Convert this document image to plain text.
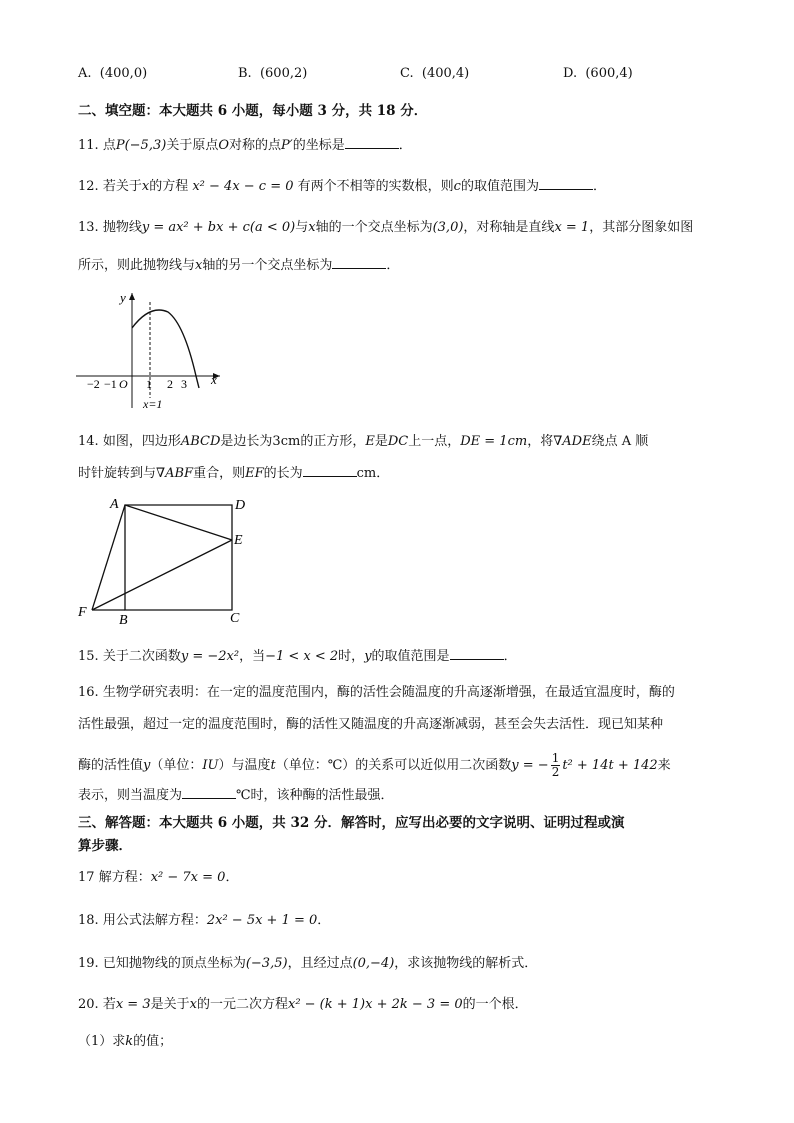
A. (400,0)	B. (600,2)	C. (400,4)	D. (600,4)
二、填空题：本大题共 6 小题，每小题 3 分，共 18 分．
11. 点P(−5,3)关于原点O对称的点P′的坐标是	．
12. 若关于x的方程 x² − 4x − c = 0 有两个不相等的实数根，则c的取值范围为	．
13. 抛物线y = ax² + bx + c(a < 0)与x轴的一个交点坐标为(3,0)，对称轴是直线x = 1，其部分图象如图
所示，则此抛物线与x轴的另一个交点坐标为	．
y
x
O
−2 −1 1 2 3
x=1
14. 如图，四边形ABCD是边长为3cm的正方形，E是DC上一点，DE = 1cm，将∇ADE绕点 A 顺
时针旋转到与∇ABF重合，则EF的长为	cm．
A	D
E
F
B	C
15. 关于二次函数y = −2x²，当−1 < x < 2时，y的取值范围是	．
16. 生物学研究表明：在一定的温度范围内，酶的活性会随温度的升高逐渐增强，在最适宜温度时，酶的
活性最强，超过一定的温度范围时，酶的活性又随温度的升高逐渐减弱，甚至会失去活性．现已知某种
酶的活性值y（单位：IU）与温度t（单位：℃）的关系可以近似用二次函数y = − $\frac{1}{2} t^2 + 14t + 142$来
表示，则当温度为	℃时，该种酶的活性最强．
三、解答题：本大题共 6 小题，共 32 分．解答时，应写出必要的文字说明、证明过程或演
算步骤．
17 解方程：x² − 7x = 0．
18. 用公式法解方程：2x² − 5x + 1 = 0．
19. 已知抛物线的顶点坐标为(−3,5)，且经过点(0,−4)，求该抛物线的解析式．
20. 若x = 3是关于x的一元二次方程x² − (k + 1)x + 2k − 3 = 0的一个根．
（1）求k的值；
